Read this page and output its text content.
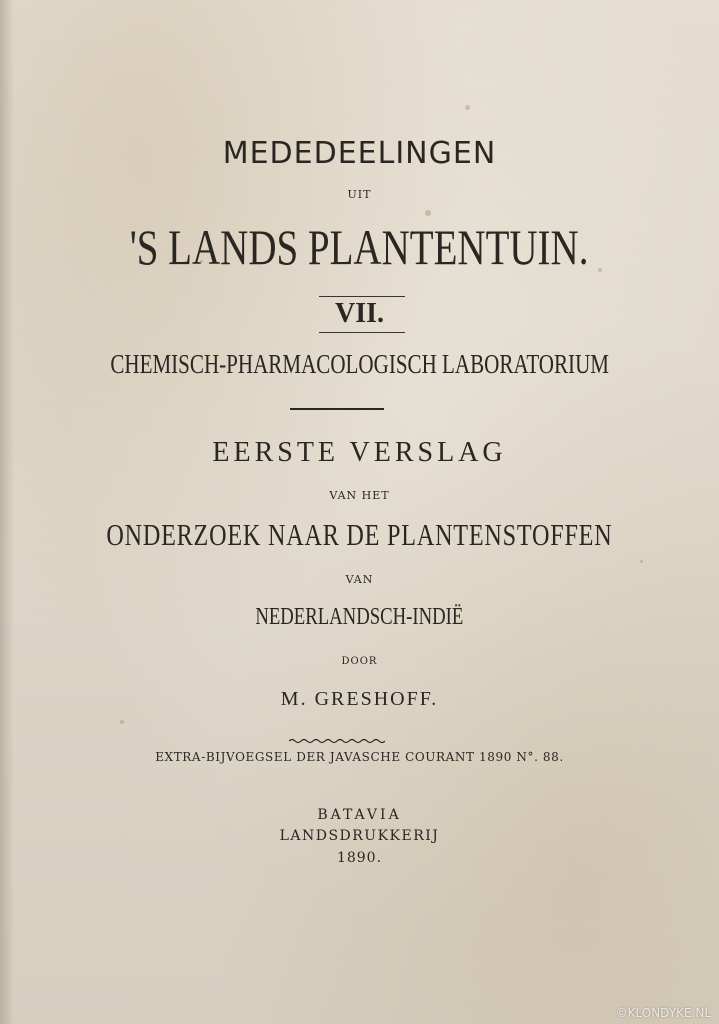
MEDEDEELINGEN
UIT
'S LANDS PLANTENTUIN.
VII.
CHEMISCH-PHARMACOLOGISCH LABORATORIUM
EERSTE VERSLAG
VAN HET
ONDERZOEK NAAR DE PLANTENSTOFFEN
VAN
NEDERLANDSCH-INDIË
DOOR
M. GRESHOFF.
EXTRA-BIJVOEGSEL DER JAVASCHE COURANT 1890 N°. 88.
BATAVIA
LANDSDRUKKERIJ
1890.
©KLONDYKE.NL
